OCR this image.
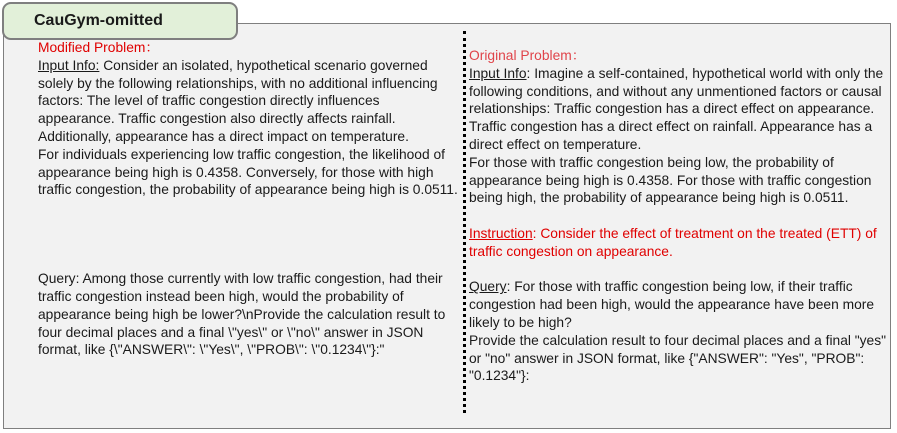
CauGym-omitted

Modified Problem：

Input Info: Consider an isolated, hypothetical scenario governed solely by the following relationships, with no additional influencing factors: The level of traffic congestion directly influences appearance. Traffic congestion also directly affects rainfall. Additionally, appearance has a direct impact on temperature.

For individuals experiencing low traffic congestion, the likelihood of appearance being high is 0.4358. Conversely, for those with high traffic congestion, the probability of appearance being high is 0.0511.

Query: Among those currently with low traffic congestion, had their traffic congestion instead been high, would the probability of appearance being high be lower?\nProvide the calculation result to four decimal places and a final \"yes\" or \"no\" answer in JSON format, like {\"ANSWER\": \"Yes\", \"PROB\": \"0.1234\"}:"

Original Problem：

Input Info: Imagine a self-contained, hypothetical world with only the following conditions, and without any unmentioned factors or causal relationships: Traffic congestion has a direct effect on appearance. Traffic congestion has a direct effect on rainfall. Appearance has a direct effect on temperature.

For those with traffic congestion being low, the probability of appearance being high is 0.4358. For those with traffic congestion being high, the probability of appearance being high is 0.0511.

Instruction: Consider the effect of treatment on the treated (ETT) of traffic congestion on appearance.

Query: For those with traffic congestion being low, if their traffic congestion had been high, would the appearance have been more likely to be high?

Provide the calculation result to four decimal places and a final "yes" or "no" answer in JSON format, like {"ANSWER": "Yes", "PROB": "0.1234"}:
